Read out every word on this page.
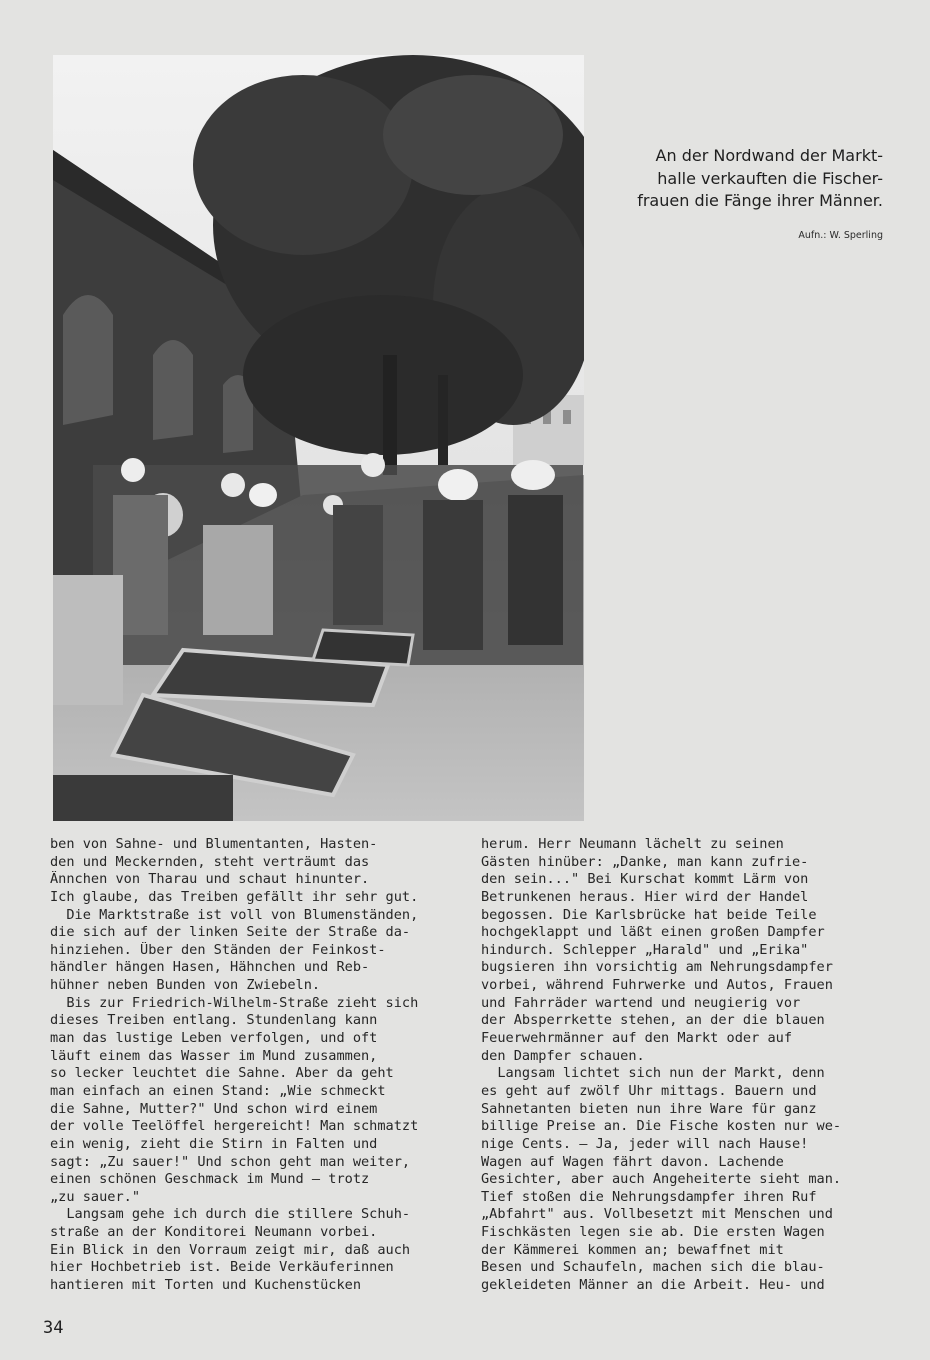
An der Nordwand der Markt-
halle verkauften die Fischer-
frauen die Fänge ihrer Männer.
Aufn.: W. Sperling
ben von Sahne- und Blumentanten, Hasten-
den und Meckernden, steht verträumt das
Ännchen von Tharau und schaut hinunter.
Ich glaube, das Treiben gefällt ihr sehr gut.
Die Marktstraße ist voll von Blumenständen,
die sich auf der linken Seite der Straße da-
hinziehen. Über den Ständen der Feinkost-
händler hängen Hasen, Hähnchen und Reb-
hühner neben Bunden von Zwiebeln.
Bis zur Friedrich-Wilhelm-Straße zieht sich
dieses Treiben entlang. Stundenlang kann
man das lustige Leben verfolgen, und oft
läuft einem das Wasser im Mund zusammen,
so lecker leuchtet die Sahne. Aber da geht
man einfach an einen Stand: „Wie schmeckt
die Sahne, Mutter?" Und schon wird einem
der volle Teelöffel hergereicht! Man schmatzt
ein wenig, zieht die Stirn in Falten und
sagt: „Zu sauer!" Und schon geht man weiter,
einen schönen Geschmack im Mund — trotz
„zu sauer."
Langsam gehe ich durch die stillere Schuh-
straße an der Konditorei Neumann vorbei.
Ein Blick in den Vorraum zeigt mir, daß auch
hier Hochbetrieb ist. Beide Verkäuferinnen
hantieren mit Torten und Kuchenstücken
herum. Herr Neumann lächelt zu seinen
Gästen hinüber: „Danke, man kann zufrie-
den sein..." Bei Kurschat kommt Lärm von
Betrunkenen heraus. Hier wird der Handel
begossen. Die Karlsbrücke hat beide Teile
hochgeklappt und läßt einen großen Dampfer
hindurch. Schlepper „Harald" und „Erika"
bugsieren ihn vorsichtig am Nehrungsdampfer
vorbei, während Fuhrwerke und Autos, Frauen
und Fahrräder wartend und neugierig vor
der Absperrkette stehen, an der die blauen
Feuerwehrmänner auf den Markt oder auf
den Dampfer schauen.
Langsam lichtet sich nun der Markt, denn
es geht auf zwölf Uhr mittags. Bauern und
Sahnetanten bieten nun ihre Ware für ganz
billige Preise an. Die Fische kosten nur we-
nige Cents. — Ja, jeder will nach Hause!
Wagen auf Wagen fährt davon. Lachende
Gesichter, aber auch Angeheiterte sieht man.
Tief stoßen die Nehrungsdampfer ihren Ruf
„Abfahrt" aus. Vollbesetzt mit Menschen und
Fischkästen legen sie ab. Die ersten Wagen
der Kämmerei kommen an; bewaffnet mit
Besen und Schaufeln, machen sich die blau-
gekleideten Männer an die Arbeit. Heu- und
34
